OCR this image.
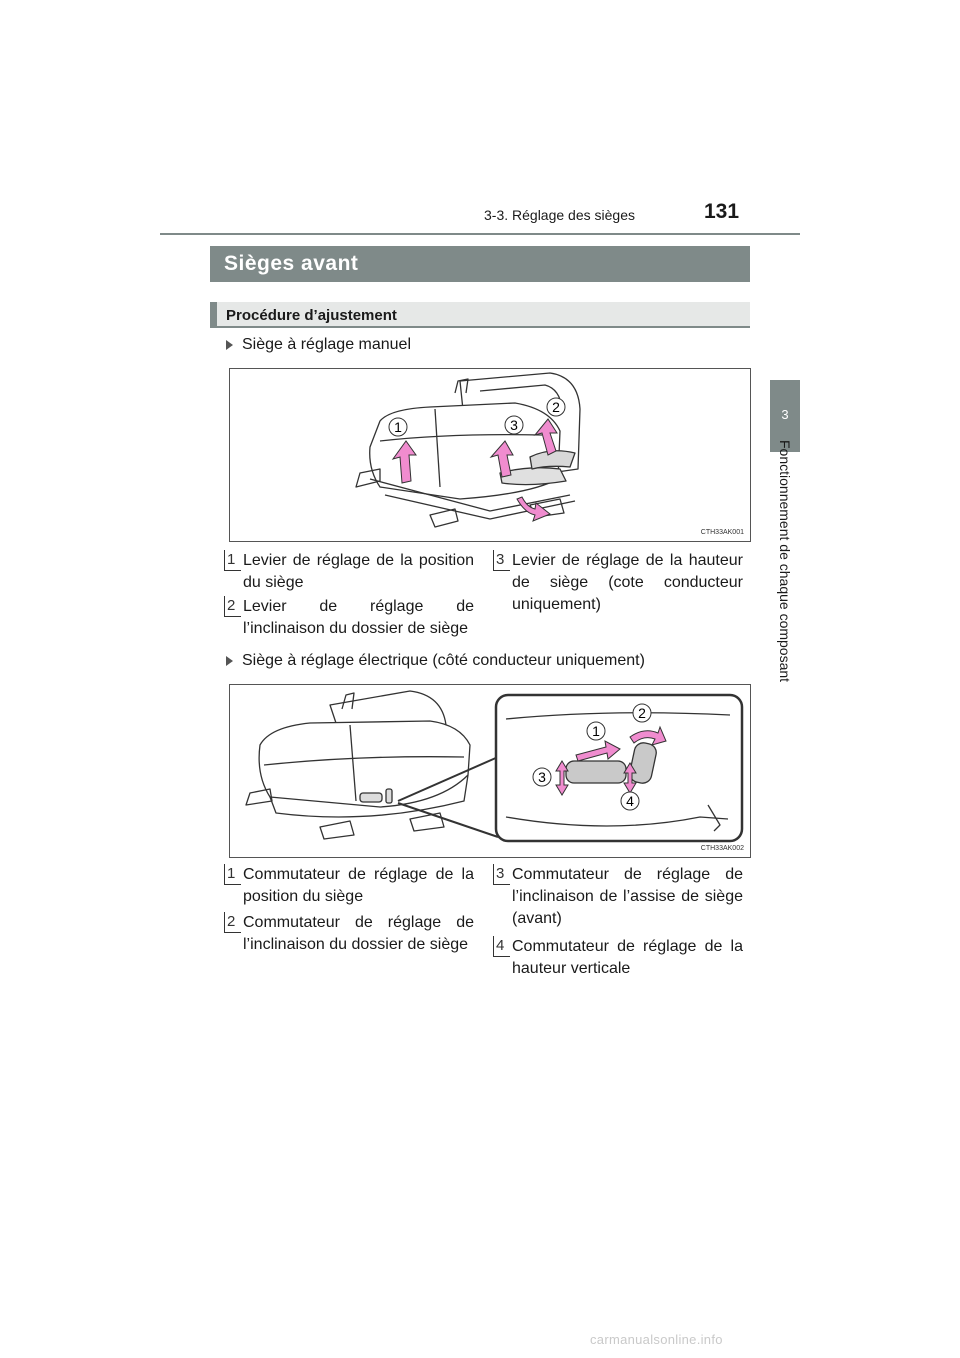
3-3. Réglage des sièges	131
3
Fonctionnement de chaque composant
Sièges avant
Procédure d’ajustement
Siège à réglage manuel
1
2
3
CTH33AK001
1 Levier de réglage de la position du siège
2 Levier de réglage de l’inclinaison du dossier de siège
3 Levier de réglage de la hauteur de siège (cote conducteur uniquement)
Siège à réglage électrique (côté conducteur uniquement)
1
2
3
4
CTH33AK002
1 Commutateur de réglage de la position du siège
2 Commutateur de réglage de l’inclinaison du dossier de siège
3 Commutateur de réglage de l’inclinaison de l’assise de siège (avant)
4 Commutateur de réglage de la hauteur verticale
carmanualsonline.info
